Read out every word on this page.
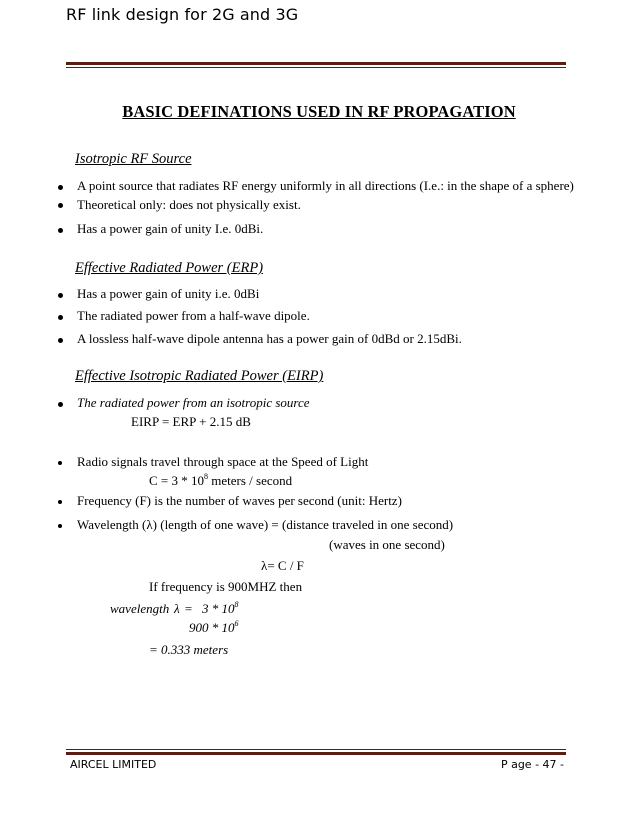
RF link design for 2G and 3G
BASIC DEFINATIONS USED IN RF PROPAGATION
Isotropic RF Source
A point source that radiates RF energy uniformly in all directions (I.e.: in the shape of a sphere)
Theoretical only: does not physically exist.
Has a power gain of unity I.e. 0dBi.
Effective Radiated Power (ERP)
Has a power gain of unity i.e. 0dBi
The radiated power from a half-wave dipole.
A lossless half-wave dipole antenna has a power gain of 0dBd or 2.15dBi.
Effective Isotropic Radiated Power (EIRP)
The radiated power from an isotropic source
EIRP = ERP + 2.15 dB
Radio signals travel through space at the Speed of Light
$C = 3 * 10^8$ meters / second
Frequency (F) is the number of waves per second (unit: Hertz)
Wavelength (λ) (length of one wave) = (distance traveled in one second)
(waves in one second)
λ= C / F
If frequency is 900MHZ then
wavelength $\lambda = 3 * 10^8$
$900 * 10^6$
= 0.333 meters
AIRCEL LIMITED	P age - 47 -
